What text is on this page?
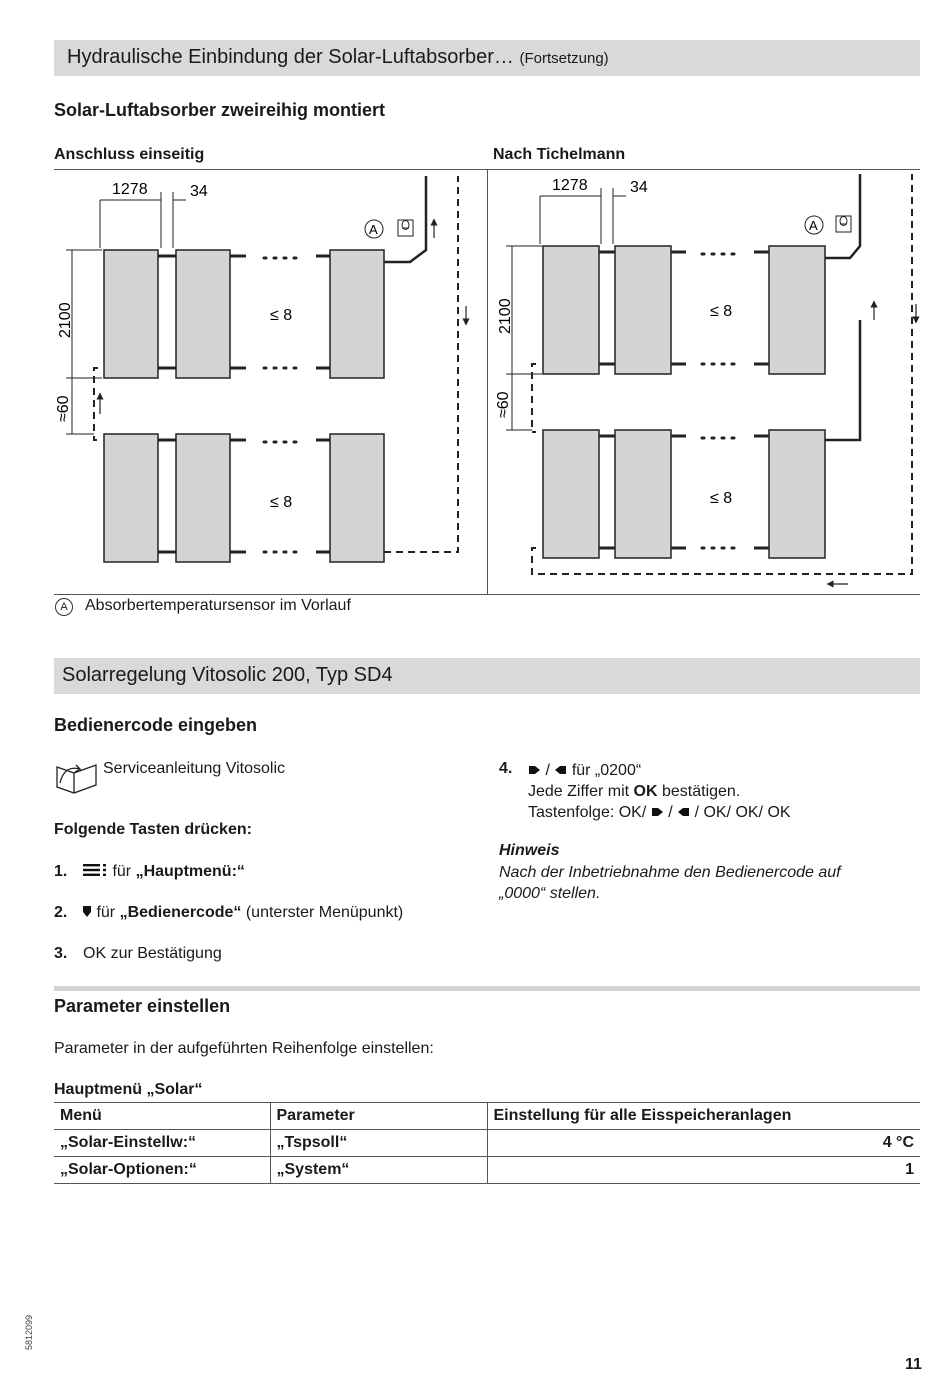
Hydraulische Einbindung der Solar-Luftabsorber… (Fortsetzung)
Solar-Luftabsorber zweireihig montiert
Anschluss einseitig	Nach Tichelmann
1278	34
2100
≈60
≤ 8
≤ 8
A
1278	34
2100
≈60
≤ 8
≤ 8
A
A	Absorbertemperatursensor im Vorlauf
Solarregelung Vitosolic 200, Typ SD4
Bedienercode eingeben
Serviceanleitung Vitosolic
Folgende Tasten drücken:
1.	für „Hauptmenü:“
2.	für „Bedienercode“ (unterster Menüpunkt)
3. OK zur Bestätigung
4.	/ für „0200“
Jede Ziffer mit OK bestätigen.
Tastenfolge: OK/ / / OK/ OK/ OK
Hinweis
Nach der Inbetriebnahme den Bedienercode auf
„0000“ stellen.
Parameter einstellen
Parameter in der aufgeführten Reihenfolge einstellen:
Hauptmenü „Solar“
Menü	Parameter	Einstellung für alle Eisspeicheranlagen
„Solar-Einstellw:“	„Tspsoll“	4 °C
„Solar-Optionen:“	„System“	1
5812099
11
